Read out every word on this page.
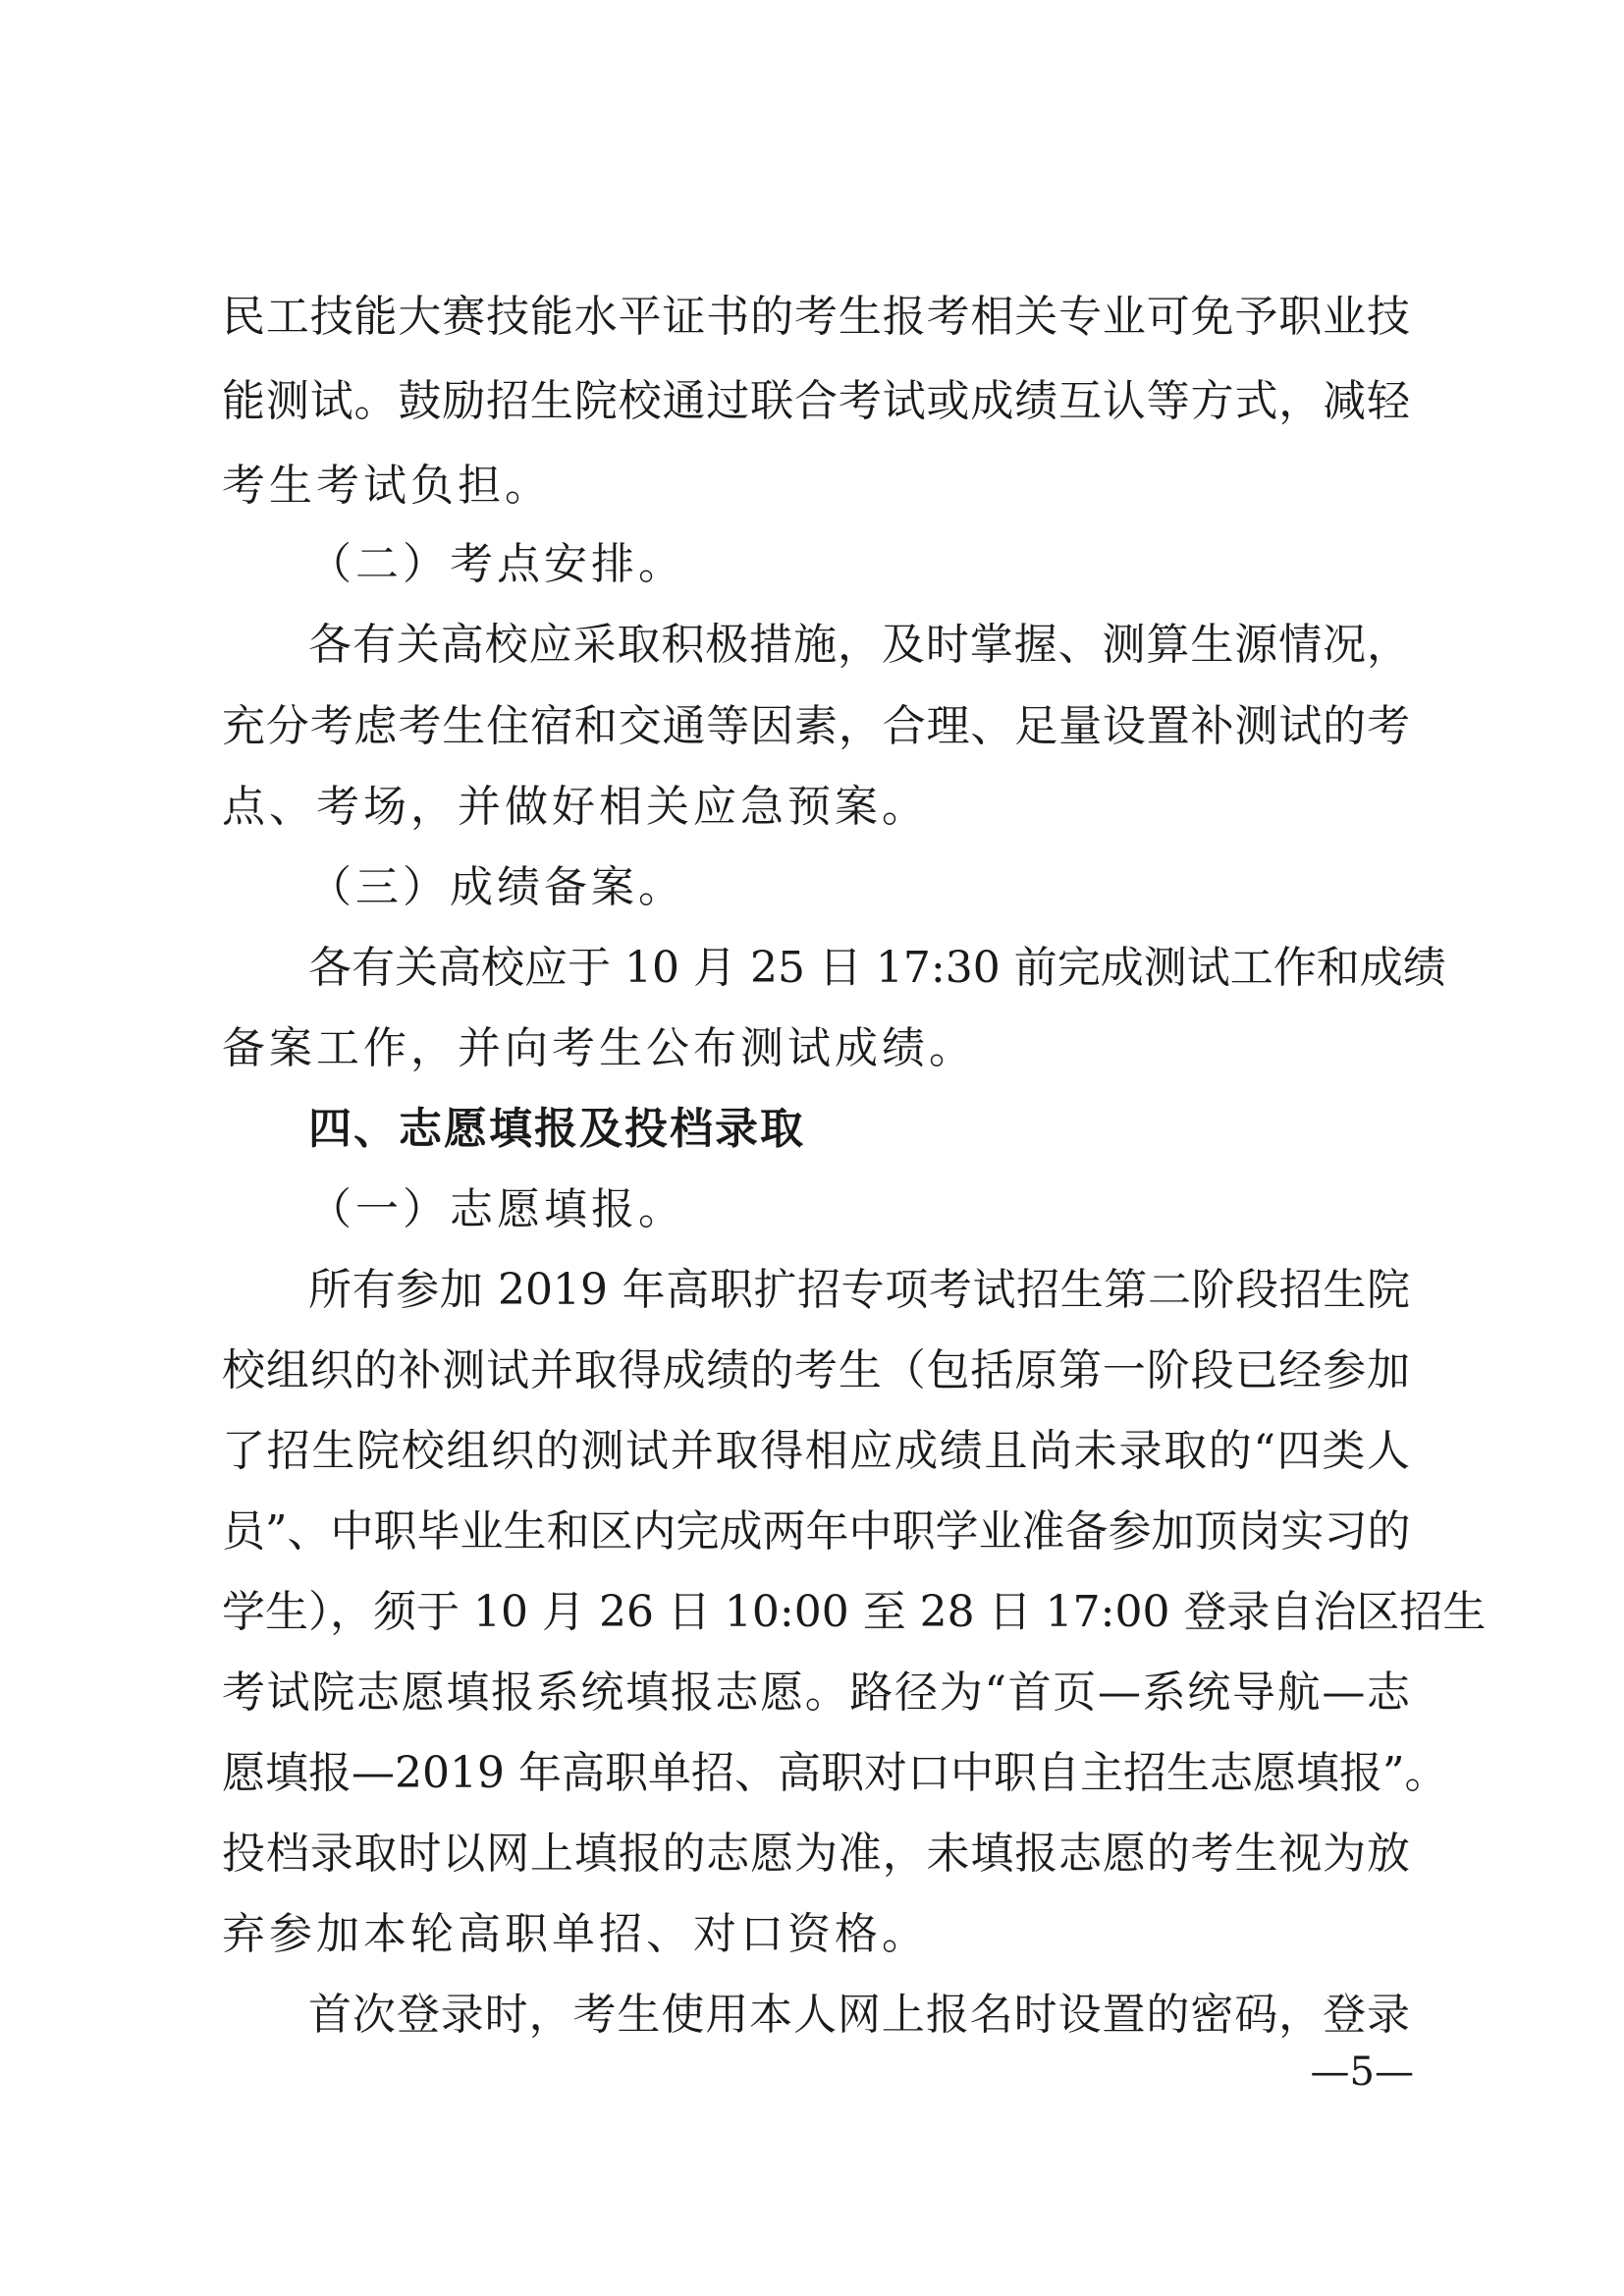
民工技能大赛技能水平证书的考生报考相关专业可免予职业技
能测试。鼓励招生院校通过联合考试或成绩互认等方式，减轻
考生考试负担。
（二）考点安排。
各有关高校应采取积极措施，及时掌握、测算生源情况，
充分考虑考生住宿和交通等因素，合理、足量设置补测试的考
点、考场，并做好相关应急预案。
（三）成绩备案。
各有关高校应于 10 月 25 日 17:30 前完成测试工作和成绩
备案工作，并向考生公布测试成绩。
四、志愿填报及投档录取
（一）志愿填报。
所有参加 2019 年高职扩招专项考试招生第二阶段招生院
校组织的补测试并取得成绩的考生（包括原第一阶段已经参加
了招生院校组织的测试并取得相应成绩且尚未录取的“四类人
员”、中职毕业生和区内完成两年中职学业准备参加顶岗实习的
学生），须于 10 月 26 日 10:00 至 28 日 17:00 登录自治区招生
考试院志愿填报系统填报志愿。路径为“首页—系统导航—志
愿填报—2019 年高职单招、高职对口中职自主招生志愿填报”。
投档录取时以网上填报的志愿为准，未填报志愿的考生视为放
弃参加本轮高职单招、对口资格。
首次登录时，考生使用本人网上报名时设置的密码，登录
—5—
